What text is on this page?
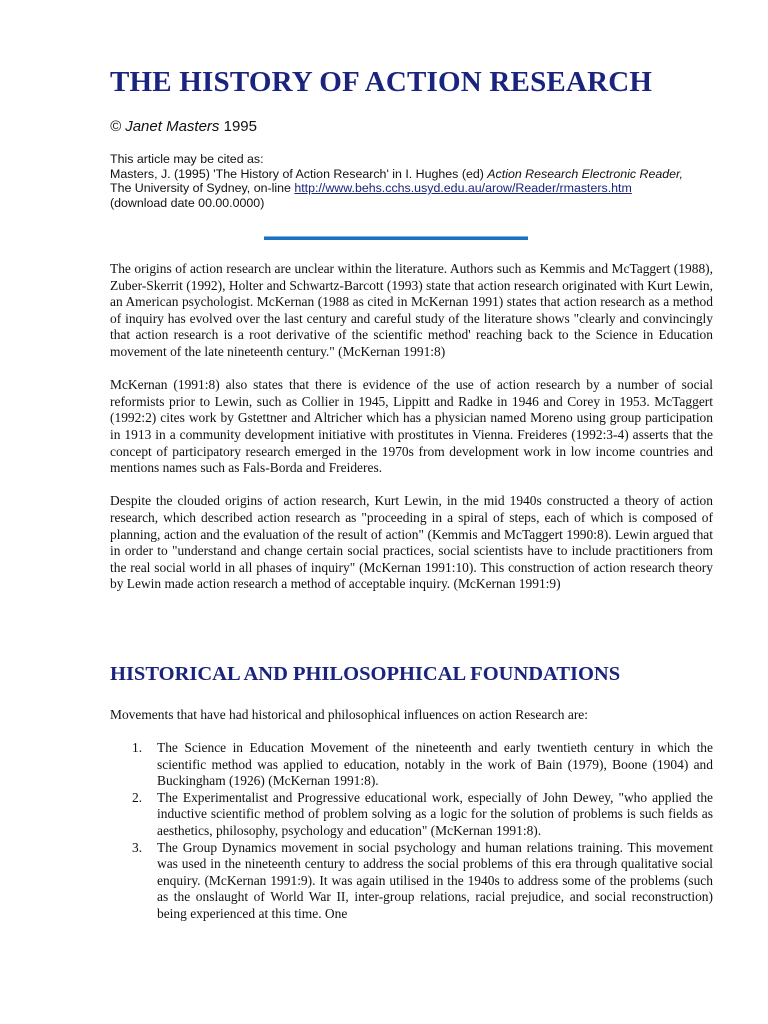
THE HISTORY OF ACTION RESEARCH
© Janet Masters 1995
This article may be cited as:
Masters, J. (1995) 'The History of Action Research' in I. Hughes (ed) Action Research Electronic Reader,
The University of Sydney, on-line http://www.behs.cchs.usyd.edu.au/arow/Reader/rmasters.htm
(download date 00.00.0000)

The origins of action research are unclear within the literature. Authors such as Kemmis and McTaggert (1988), Zuber-Skerrit (1992), Holter and Schwartz-Barcott (1993) state that action research originated with Kurt Lewin, an American psychologist. McKernan (1988 as cited in McKernan 1991) states that action research as a method of inquiry has evolved over the last century and careful study of the literature shows "clearly and convincingly that action research is a root derivative of the scientific method' reaching back to the Science in Education movement of the late nineteenth century." (McKernan 1991:8)

McKernan (1991:8) also states that there is evidence of the use of action research by a number of social reformists prior to Lewin, such as Collier in 1945, Lippitt and Radke in 1946 and Corey in 1953. McTaggert (1992:2) cites work by Gstettner and Altricher which has a physician named Moreno using group participation in 1913 in a community development initiative with prostitutes in Vienna. Freideres (1992:3-4) asserts that the concept of participatory research emerged in the 1970s from development work in low income countries and mentions names such as Fals-Borda and Freideres.

Despite the clouded origins of action research, Kurt Lewin, in the mid 1940s constructed a theory of action research, which described action research as "proceeding in a spiral of steps, each of which is composed of planning, action and the evaluation of the result of action" (Kemmis and McTaggert 1990:8). Lewin argued that in order to "understand and change certain social practices, social scientists have to include practitioners from the real social world in all phases of inquiry" (McKernan 1991:10). This construction of action research theory by Lewin made action research a method of acceptable inquiry. (McKernan 1991:9)

HISTORICAL AND PHILOSOPHICAL FOUNDATIONS
Movements that have had historical and philosophical influences on action Research are:
1. The Science in Education Movement of the nineteenth and early twentieth century in which the scientific method was applied to education, notably in the work of Bain (1979), Boone (1904) and Buckingham (1926) (McKernan 1991:8).
2. The Experimentalist and Progressive educational work, especially of John Dewey, "who applied the inductive scientific method of problem solving as a logic for the solution of problems is such fields as aesthetics, philosophy, psychology and education" (McKernan 1991:8).
3. The Group Dynamics movement in social psychology and human relations training. This movement was used in the nineteenth century to address the social problems of this era through qualitative social enquiry. (McKernan 1991:9). It was again utilised in the 1940s to address some of the problems (such as the onslaught of World War II, inter-group relations, racial prejudice, and social reconstruction) being experienced at this time. One
